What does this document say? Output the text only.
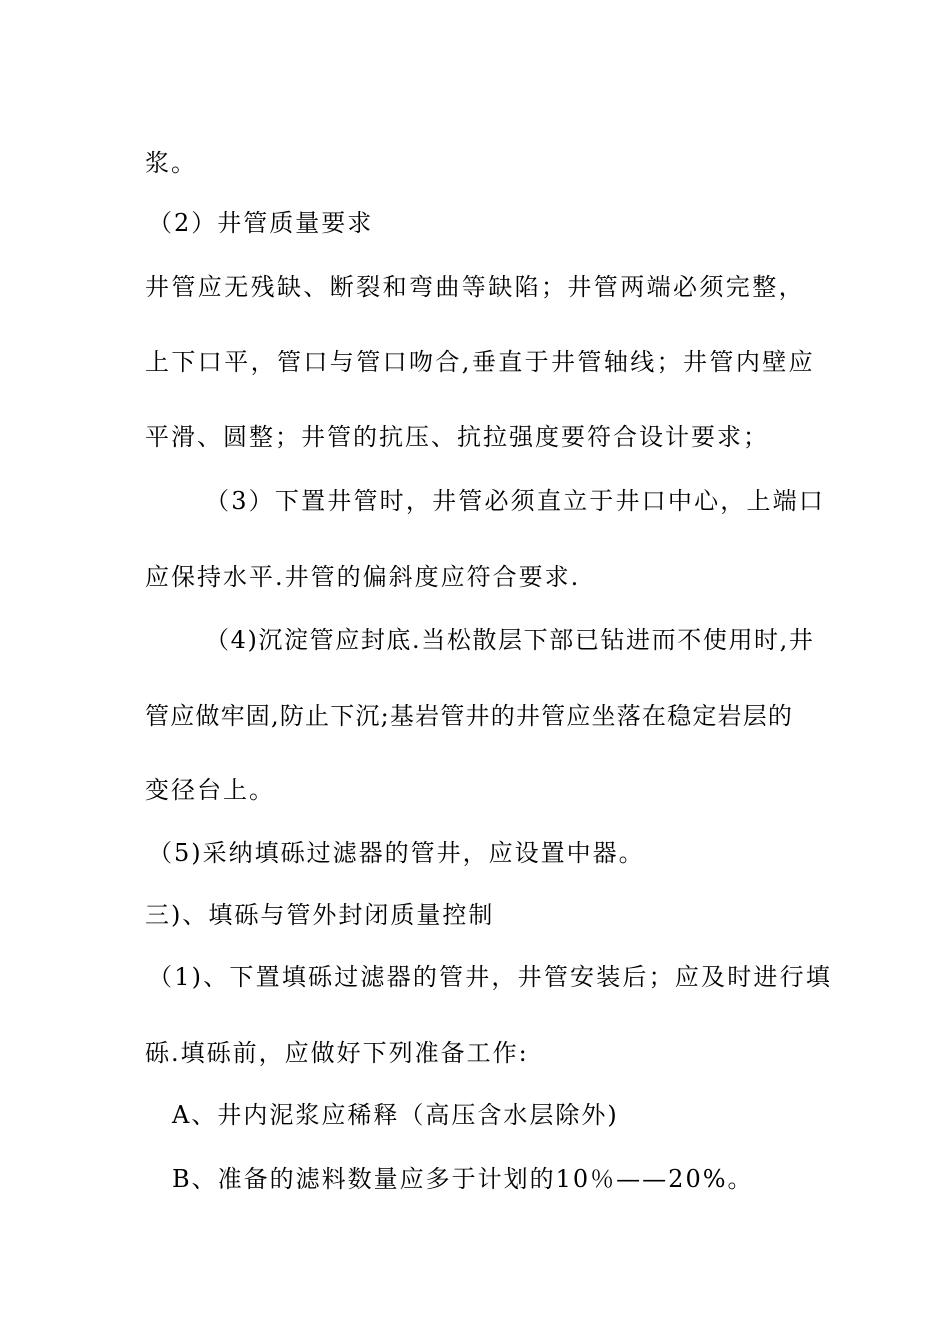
浆。
（2）井管质量要求
井管应无残缺、断裂和弯曲等缺陷；井管两端必须完整，
上下口平，管口与管口吻合,垂直于井管轴线；井管内壁应
平滑、圆整；井管的抗压、抗拉强度要符合设计要求；
（3）下置井管时，井管必须直立于井口中心，上端口
应保持水平.井管的偏斜度应符合要求.
（4)沉淀管应封底.当松散层下部已钻进而不使用时,井
管应做牢固,防止下沉;基岩管井的井管应坐落在稳定岩层的
变径台上。
（5)采纳填砾过滤器的管井，应设置中器。
三)、填砾与管外封闭质量控制
（1)、下置填砾过滤器的管井，井管安装后；应及时进行填
砾.填砾前，应做好下列准备工作:
A、井内泥浆应稀释（高压含水层除外)
B、准备的滤料数量应多于计划的10％——20%。
